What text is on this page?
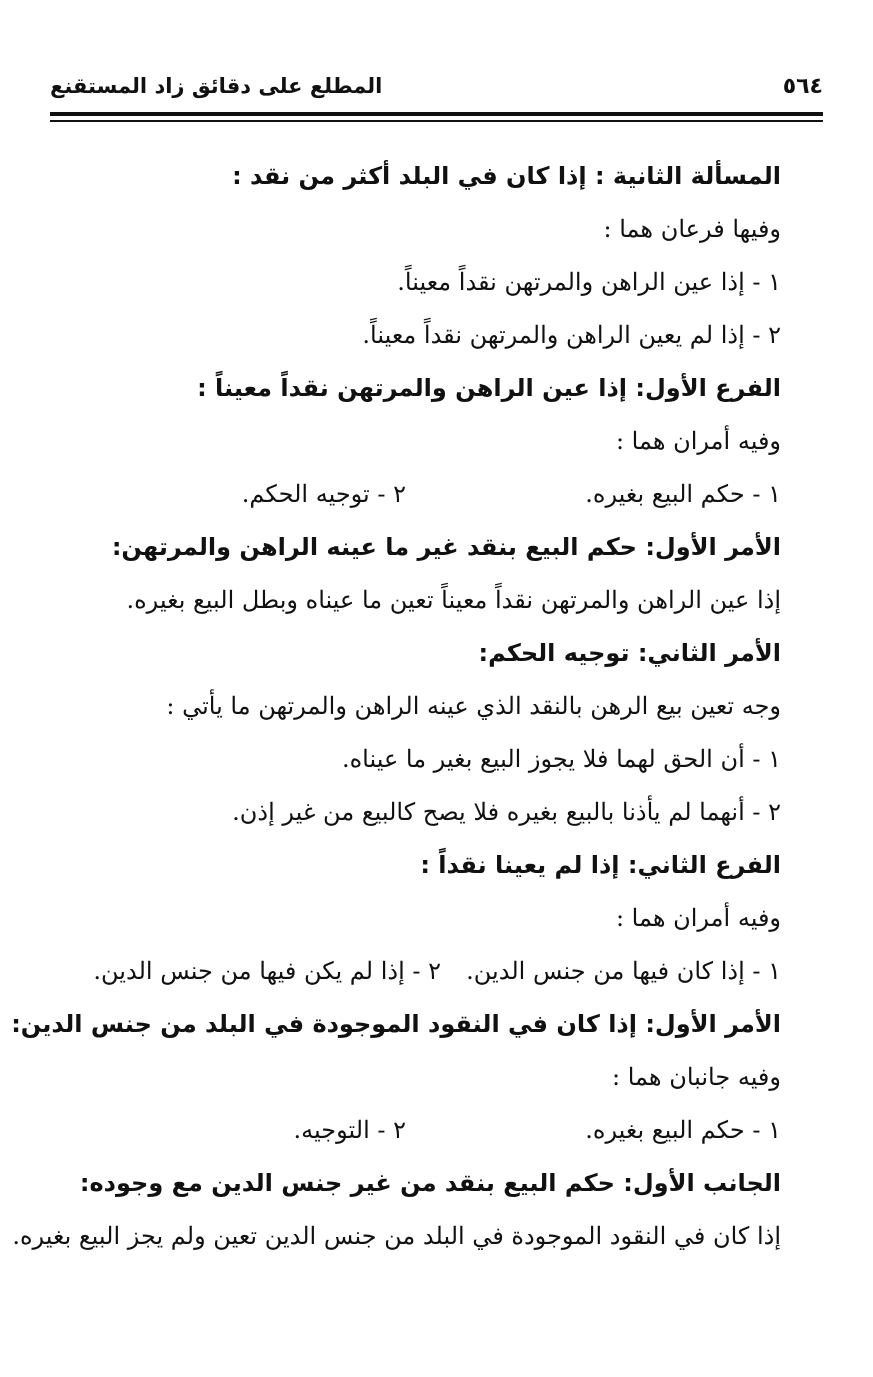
٥٦٤
المطلع على دقائق زاد المستقنع
المسألة الثانية : إذا كان في البلد أكثر من نقد :
وفيها فرعان هما :
١ - إذا عين الراهن والمرتهن نقداً معيناً.
٢ - إذا لم يعين الراهن والمرتهن نقداً معيناً.
الفرع الأول: إذا عين الراهن والمرتهن نقداً معيناً :
وفيه أمران هما :
١ - حكم البيع بغيره.
٢ - توجيه الحكم.
الأمر الأول: حكم البيع بنقد غير ما عينه الراهن والمرتهن:
إذا عين الراهن والمرتهن نقداً معيناً تعين ما عيناه وبطل البيع بغيره.
الأمر الثاني: توجيه الحكم:
وجه تعين بيع الرهن بالنقد الذي عينه الراهن والمرتهن ما يأتي :
١ - أن الحق لهما فلا يجوز البيع بغير ما عيناه.
٢ - أنهما لم يأذنا بالبيع بغيره فلا يصح كالبيع من غير إذن.
الفرع الثاني: إذا لم يعينا نقداً :
وفيه أمران هما :
١ - إذا كان فيها من جنس الدين.
٢ - إذا لم يكن فيها من جنس الدين.
الأمر الأول: إذا كان في النقود الموجودة في البلد من جنس الدين:
وفيه جانبان هما :
١ - حكم البيع بغيره.
٢ - التوجيه.
الجانب الأول: حكم البيع بنقد من غير جنس الدين مع وجوده:
إذا كان في النقود الموجودة في البلد من جنس الدين تعين ولم يجز البيع بغيره.
